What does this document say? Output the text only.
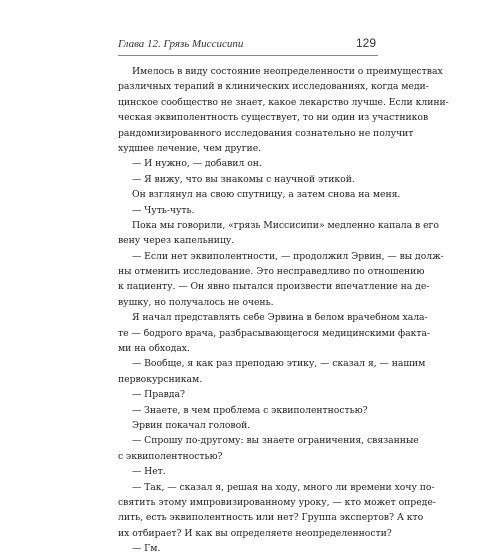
Глава 12. Грязь Миссисипи	129
Имелось в виду состояние неопределенности о преимуществах
различных терапий в клинических исследованиях, когда меди-
цинское сообщество не знает, какое лекарство лучше. Если клини-
ческая эквиполентность существует, то ни один из участников
рандомизированного исследования сознательно не получит
худшее лечение, чем другие.
— И нужно, — добавил он.
— Я вижу, что вы знакомы с научной этикой.
Он взглянул на свою спутницу, а затем снова на меня.
— Чуть-чуть.
Пока мы говорили, «грязь Миссисипи» медленно капала в его
вену через капельницу.
— Если нет эквиполентности, — продолжил Эрвин, — вы долж-
ны отменить исследование. Это несправедливо по отношению
к пациенту. — Он явно пытался произвести впечатление на де-
вушку, но получалось не очень.
Я начал представлять себе Эрвина в белом врачебном хала-
те — бодрого врача, разбрасывающегося медицинскими факта-
ми на обходах.
— Вообще, я как раз преподаю этику, — сказал я, — нашим
первокурсникам.
— Правда?
— Знаете, в чем проблема с эквиполентностью?
Эрвин покачал головой.
— Спрошу по-другому: вы знаете ограничения, связанные
с эквиполентностью?
— Нет.
— Так, — сказал я, решая на ходу, много ли времени хочу по-
святить этому импровизированному уроку, — кто может опреде-
лить, есть эквиполентность или нет? Группа экспертов? А кто
их отбирает? И как вы определяете неопределенности?
— Гм.
